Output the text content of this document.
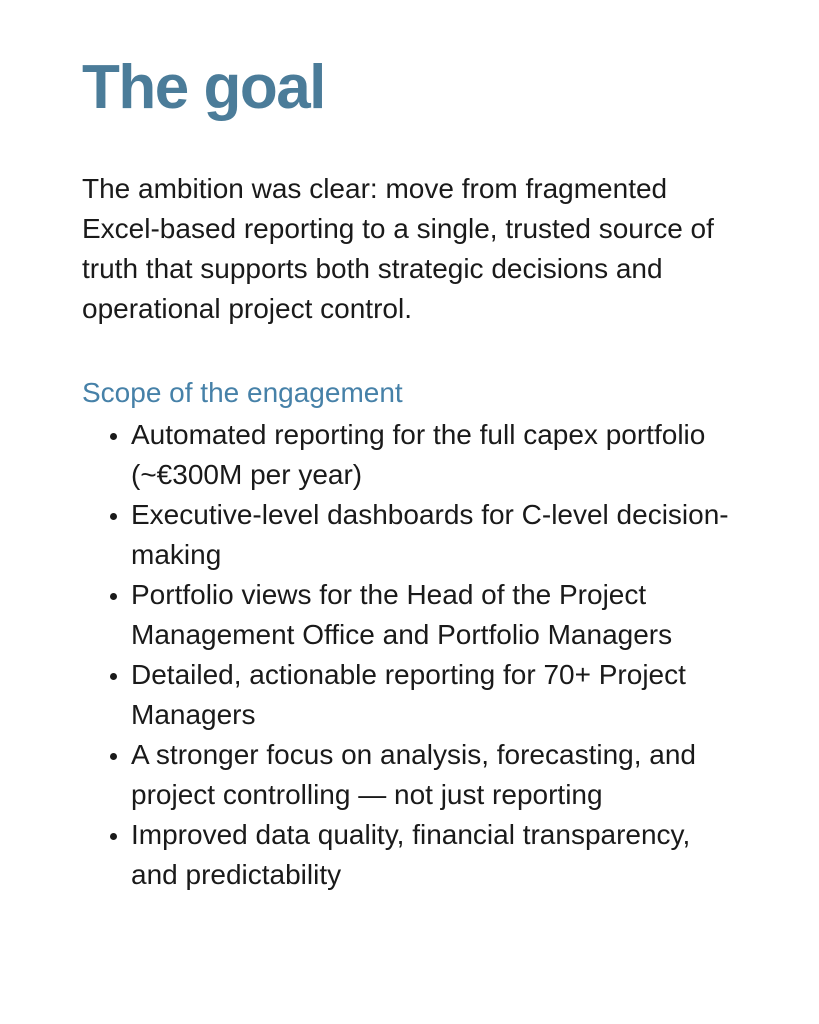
The goal

The ambition was clear: move from fragmented Excel-based reporting to a single, trusted source of truth that supports both strategic decisions and operational project control.

Scope of the engagement
• Automated reporting for the full capex portfolio (~€300M per year)
• Executive-level dashboards for C-level decision-making
• Portfolio views for the Head of the Project Management Office and Portfolio Managers
• Detailed, actionable reporting for 70+ Project Managers
• A stronger focus on analysis, forecasting, and project controlling — not just reporting
• Improved data quality, financial transparency, and predictability
